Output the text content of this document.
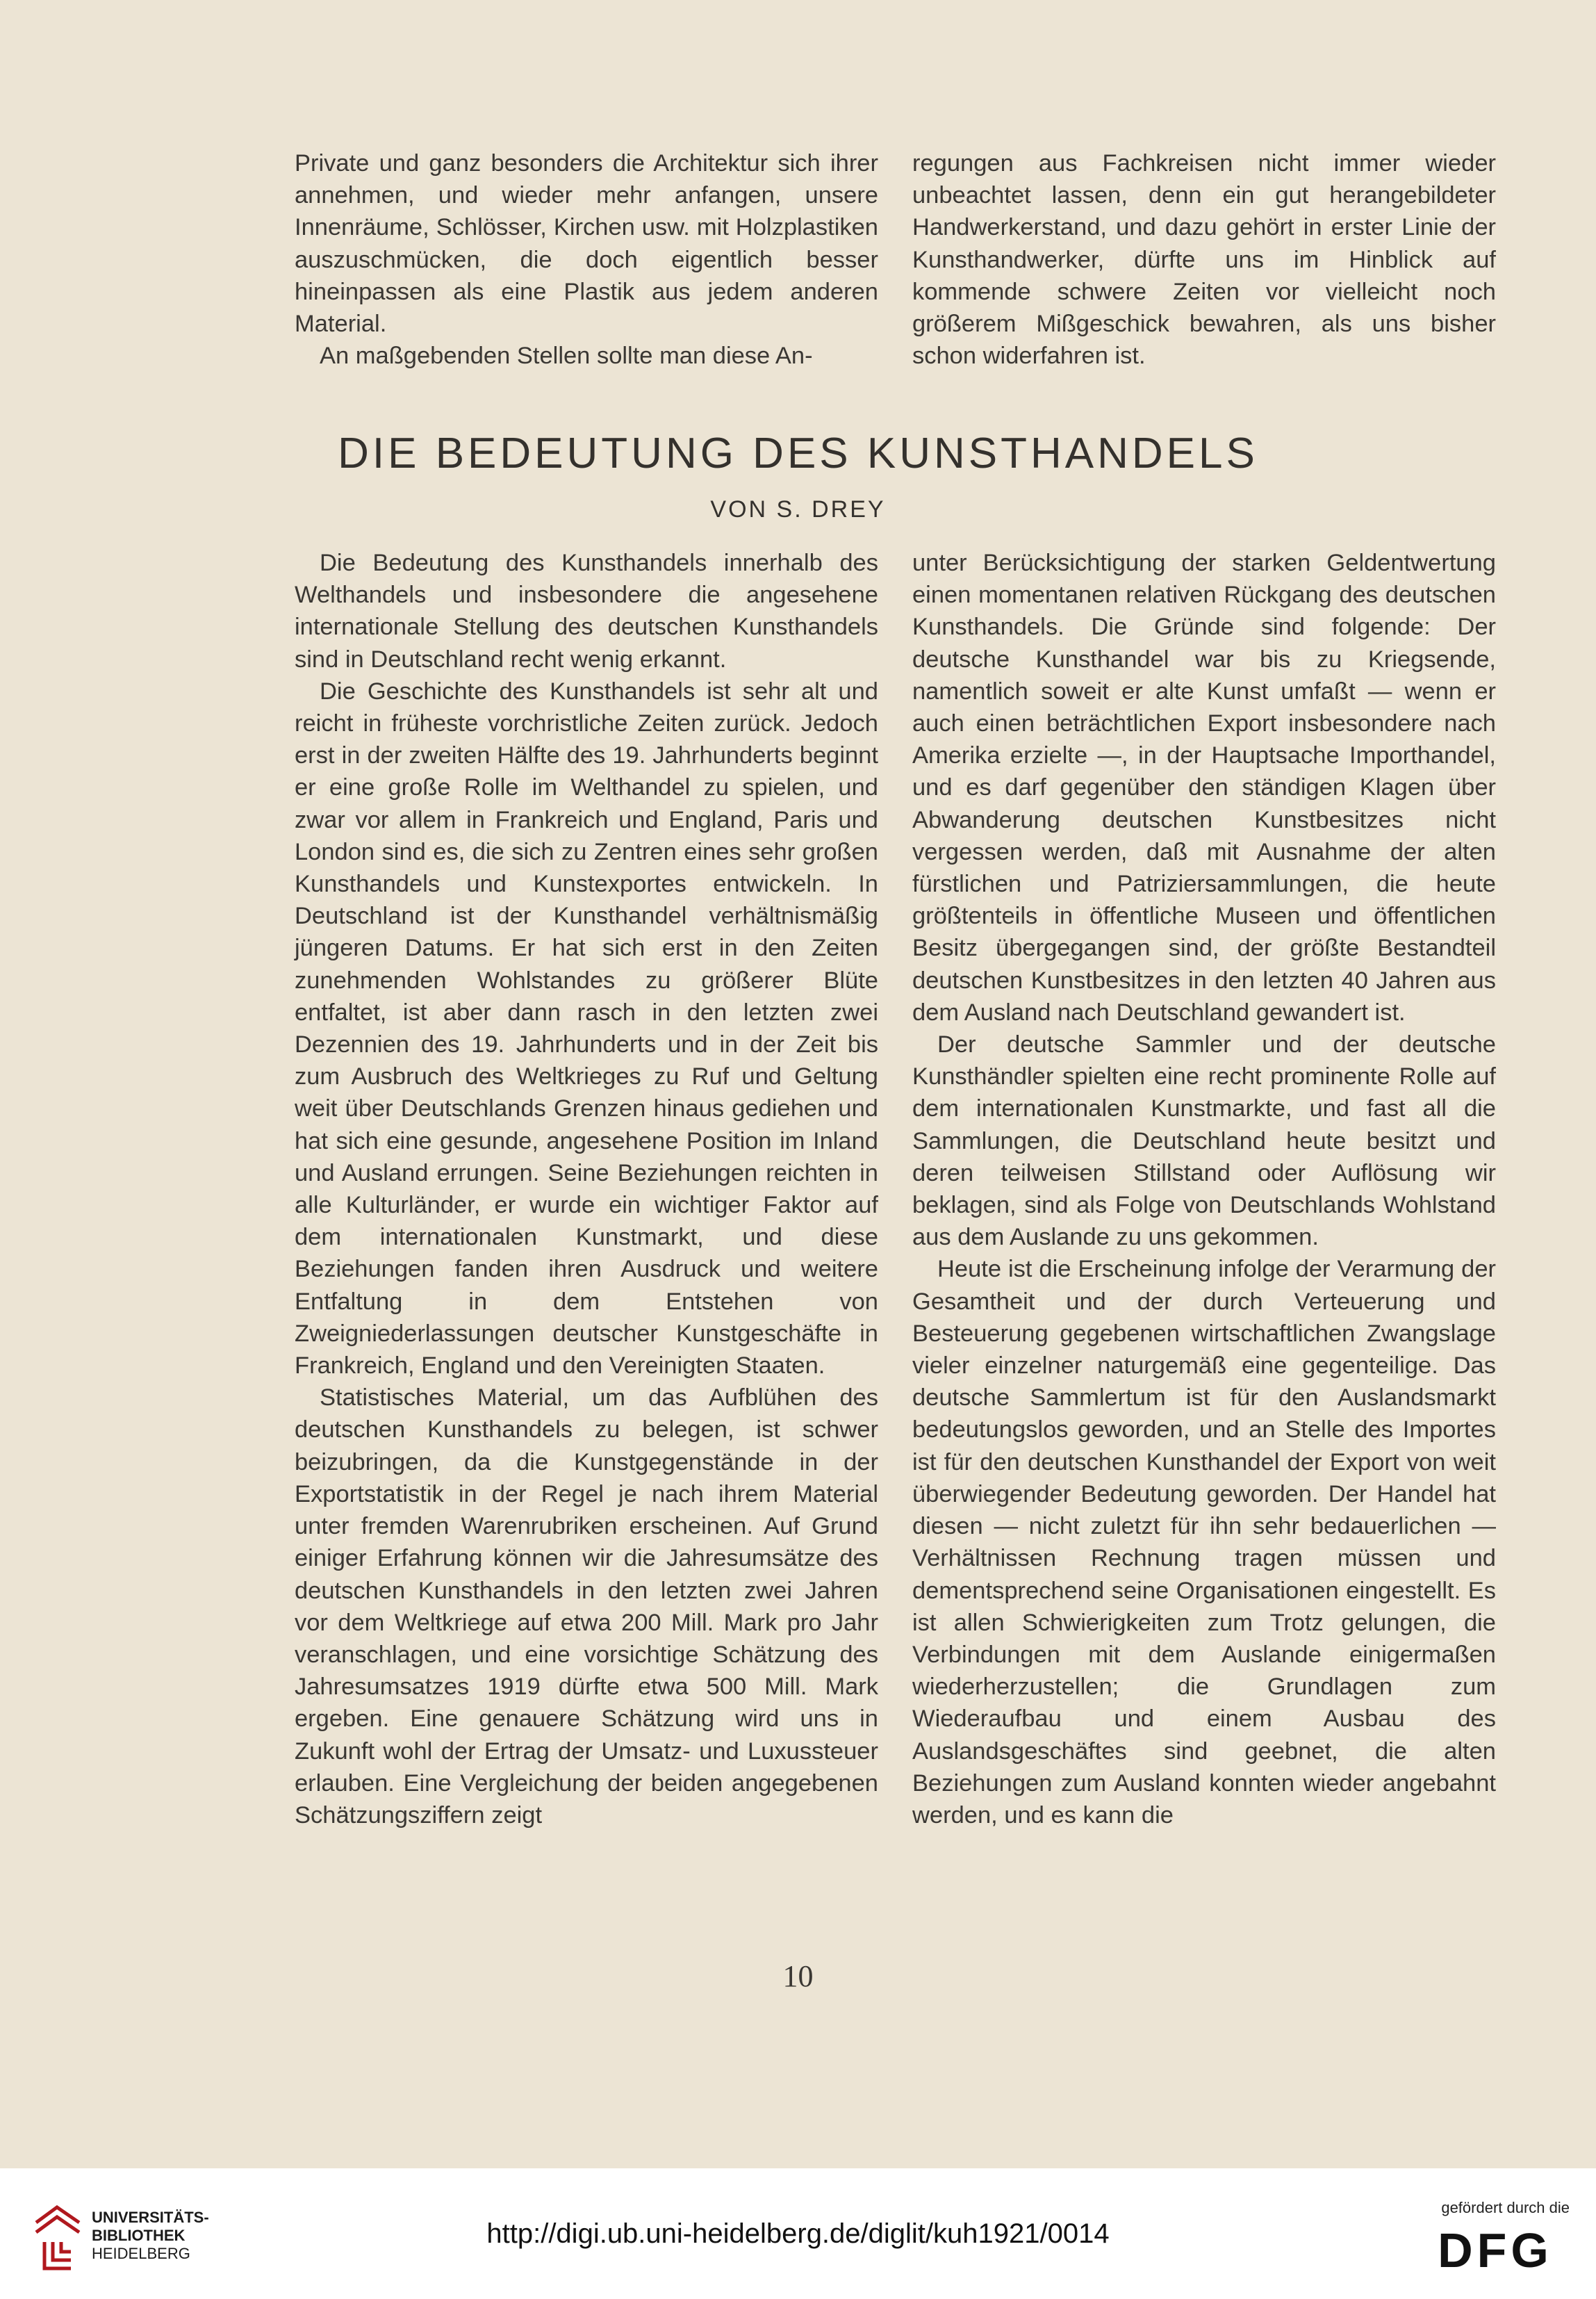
Private und ganz besonders die Architektur sich ihrer annehmen, und wieder mehr anfangen, unsere Innenräume, Schlösser, Kirchen usw. mit Holzplastiken auszuschmücken, die doch eigentlich besser hineinpassen als eine Plastik aus jedem anderen Material.

An maßgebenden Stellen sollte man diese An-

regungen aus Fachkreisen nicht immer wieder unbeachtet lassen, denn ein gut herangebildeter Handwerkerstand, und dazu gehört in erster Linie der Kunsthandwerker, dürfte uns im Hinblick auf kommende schwere Zeiten vor vielleicht noch größerem Mißgeschick bewahren, als uns bisher schon widerfahren ist.

DIE BEDEUTUNG DES KUNSTHANDELS
VON S. DREY

Die Bedeutung des Kunsthandels innerhalb des Welthandels und insbesondere die angesehene internationale Stellung des deutschen Kunsthandels sind in Deutschland recht wenig erkannt.

Die Geschichte des Kunsthandels ist sehr alt und reicht in früheste vorchristliche Zeiten zurück. Jedoch erst in der zweiten Hälfte des 19. Jahrhunderts beginnt er eine große Rolle im Welthandel zu spielen, und zwar vor allem in Frankreich und England, Paris und London sind es, die sich zu Zentren eines sehr großen Kunsthandels und Kunstexportes entwickeln. In Deutschland ist der Kunsthandel verhältnismäßig jüngeren Datums. Er hat sich erst in den Zeiten zunehmenden Wohlstandes zu größerer Blüte entfaltet, ist aber dann rasch in den letzten zwei Dezennien des 19. Jahrhunderts und in der Zeit bis zum Ausbruch des Weltkrieges zu Ruf und Geltung weit über Deutschlands Grenzen hinaus gediehen und hat sich eine gesunde, angesehene Position im Inland und Ausland errungen. Seine Beziehungen reichten in alle Kulturländer, er wurde ein wichtiger Faktor auf dem internationalen Kunstmarkt, und diese Beziehungen fanden ihren Ausdruck und weitere Entfaltung in dem Entstehen von Zweigniederlassungen deutscher Kunstgeschäfte in Frankreich, England und den Vereinigten Staaten.

Statistisches Material, um das Aufblühen des deutschen Kunsthandels zu belegen, ist schwer beizubringen, da die Kunstgegenstände in der Exportstatistik in der Regel je nach ihrem Material unter fremden Warenrubriken erscheinen. Auf Grund einiger Erfahrung können wir die Jahresumsätze des deutschen Kunsthandels in den letzten zwei Jahren vor dem Weltkriege auf etwa 200 Mill. Mark pro Jahr veranschlagen, und eine vorsichtige Schätzung des Jahresumsatzes 1919 dürfte etwa 500 Mill. Mark ergeben. Eine genauere Schätzung wird uns in Zukunft wohl der Ertrag der Umsatz- und Luxussteuer erlauben. Eine Vergleichung der beiden angegebenen Schätzungsziffern zeigt

unter Berücksichtigung der starken Geldentwertung einen momentanen relativen Rückgang des deutschen Kunsthandels. Die Gründe sind folgende: Der deutsche Kunsthandel war bis zu Kriegsende, namentlich soweit er alte Kunst umfaßt — wenn er auch einen beträchtlichen Export insbesondere nach Amerika erzielte —, in der Hauptsache Importhandel, und es darf gegenüber den ständigen Klagen über Abwanderung deutschen Kunstbesitzes nicht vergessen werden, daß mit Ausnahme der alten fürstlichen und Patriziersammlungen, die heute größtenteils in öffentliche Museen und öffentlichen Besitz übergegangen sind, der größte Bestandteil deutschen Kunstbesitzes in den letzten 40 Jahren aus dem Ausland nach Deutschland gewandert ist.

Der deutsche Sammler und der deutsche Kunsthändler spielten eine recht prominente Rolle auf dem internationalen Kunstmarkte, und fast all die Sammlungen, die Deutschland heute besitzt und deren teilweisen Stillstand oder Auflösung wir beklagen, sind als Folge von Deutschlands Wohlstand aus dem Auslande zu uns gekommen.

Heute ist die Erscheinung infolge der Verarmung der Gesamtheit und der durch Verteuerung und Besteuerung gegebenen wirtschaftlichen Zwangslage vieler einzelner naturgemäß eine gegenteilige. Das deutsche Sammlertum ist für den Auslandsmarkt bedeutungslos geworden, und an Stelle des Importes ist für den deutschen Kunsthandel der Export von weit überwiegender Bedeutung geworden. Der Handel hat diesen — nicht zuletzt für ihn sehr bedauerlichen — Verhältnissen Rechnung tragen müssen und dementsprechend seine Organisationen eingestellt. Es ist allen Schwierigkeiten zum Trotz gelungen, die Verbindungen mit dem Auslande einigermaßen wiederherzustellen; die Grundlagen zum Wiederaufbau und einem Ausbau des Auslandsgeschäftes sind geebnet, die alten Beziehungen zum Ausland konnten wieder angebahnt werden, und es kann die

10
UNIVERSITÄTS-
BIBLIOTHEK
HEIDELBERG
http://digi.ub.uni-heidelberg.de/diglit/kuh1921/0014
gefördert durch die
DFG
